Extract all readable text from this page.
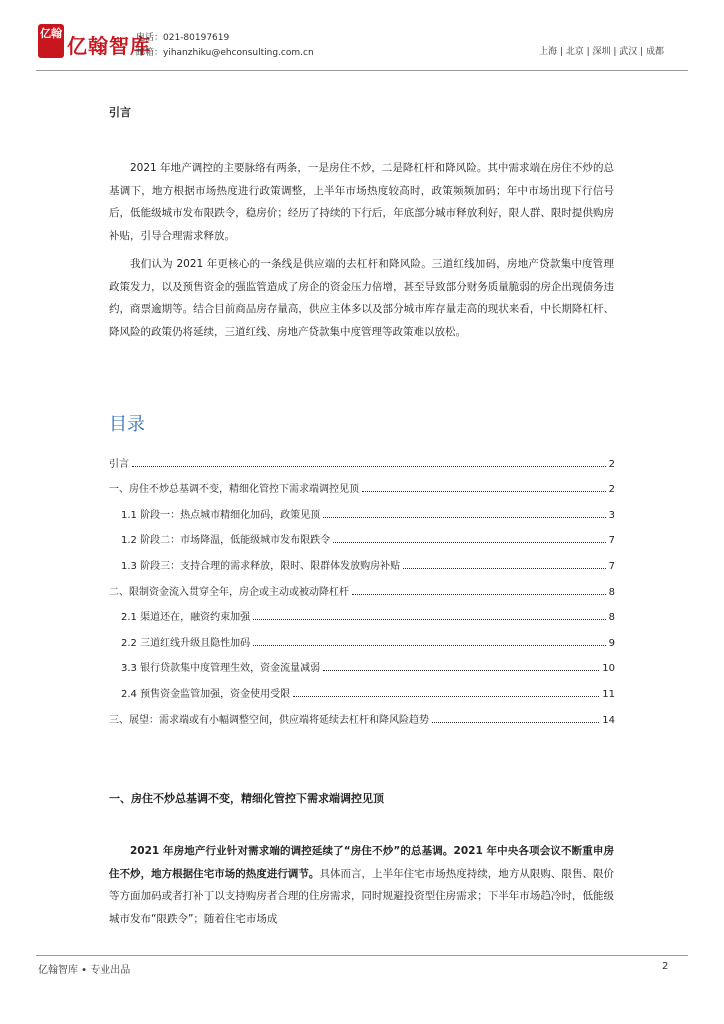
亿翰
亿翰智库
电话：021-80197619
邮箱：yihanzhiku@ehconsulting.com.cn	上海 | 北京 | 深圳 | 武汉 | 成都
引言

2021 年地产调控的主要脉络有两条，一是房住不炒，二是降杠杆和降风险。其中需求端在房住不炒的总基调下，地方根据市场热度进行政策调整，上半年市场热度较高时，政策频频加码；年中市场出现下行信号后，低能级城市发布限跌令，稳房价；经历了持续的下行后，年底部分城市释放利好，限人群、限时提供购房补贴，引导合理需求释放。

我们认为 2021 年更核心的一条线是供应端的去杠杆和降风险。三道红线加码，房地产贷款集中度管理政策发力，以及预售资金的强监管造成了房企的资金压力倍增，甚至导致部分财务质量脆弱的房企出现债务违约，商票逾期等。结合目前商品房存量高，供应主体多以及部分城市库存量走高的现状来看，中长期降杠杆、降风险的政策仍将延续，三道红线、房地产贷款集中度管理等政策难以放松。

目录
引言	2
一、房住不炒总基调不变，精细化管控下需求端调控见顶	2
1.1 阶段一：热点城市精细化加码，政策见顶	3
1.2 阶段二：市场降温，低能级城市发布限跌令	7
1.3 阶段三：支持合理的需求释放，限时、限群体发放购房补贴	7
二、限制资金流入贯穿全年，房企或主动或被动降杠杆	8
2.1 渠道还在，融资约束加强	8
2.2 三道红线升级且隐性加码	9
3.3 银行贷款集中度管理生效，资金流量减弱	10
2.4 预售资金监管加强，资金使用受限	11
三、展望：需求端或有小幅调整空间，供应端将延续去杠杆和降风险趋势	14
一、房住不炒总基调不变，精细化管控下需求端调控见顶

2021 年房地产行业针对需求端的调控延续了“房住不炒”的总基调。2021 年中央各项会议不断重申房住不炒，地方根据住宅市场的热度进行调节。具体而言，上半年住宅市场热度持续，地方从限购、限售、限价等方面加码或者打补丁以支持购房者合理的住房需求，同时规避投资型住房需求；下半年市场趋冷时，低能级城市发布“限跌令”；随着住宅市场成

亿翰智库 • 专业出品	2
